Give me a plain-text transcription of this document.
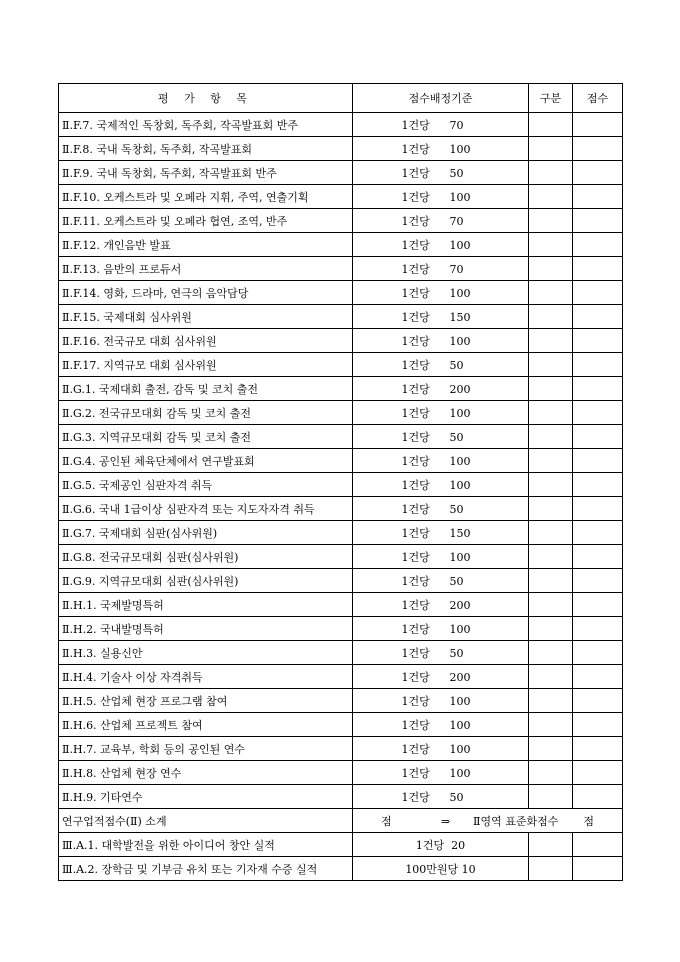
평 가 항 목	점수배정기준	구분	점수
Ⅱ.F.7. 국제적인 독창회, 독주회, 작곡발표회 반주	1건당 70		
Ⅱ.F.8. 국내 독창회, 독주회, 작곡발표회	1건당 100		
Ⅱ.F.9. 국내 독창회, 독주회, 작곡발표회 반주	1건당 50		
Ⅱ.F.10. 오케스트라 및 오페라 지휘, 주역, 연출기획	1건당 100		
Ⅱ.F.11. 오케스트라 및 오페라 협연, 조역, 반주	1건당 70		
Ⅱ.F.12. 개인음반 발표	1건당 100		
Ⅱ.F.13. 음반의 프로듀서	1건당 70		
Ⅱ.F.14. 영화, 드라마, 연극의 음악담당	1건당 100		
Ⅱ.F.15. 국제대회 심사위원	1건당 150		
Ⅱ.F.16. 전국규모 대회 심사위원	1건당 100		
Ⅱ.F.17. 지역규모 대회 심사위원	1건당 50		
Ⅱ.G.1. 국제대회 출전, 감독 및 코치 출전	1건당 200		
Ⅱ.G.2. 전국규모대회 감독 및 코치 출전	1건당 100		
Ⅱ.G.3. 지역규모대회 감독 및 코치 출전	1건당 50		
Ⅱ.G.4. 공인된 체육단체에서 연구발표회	1건당 100		
Ⅱ.G.5. 국제공인 심판자격 취득	1건당 100		
Ⅱ.G.6. 국내 1급이상 심판자격 또는 지도자자격 취득	1건당 50		
Ⅱ.G.7. 국제대회 심판(심사위원)	1건당 150		
Ⅱ.G.8. 전국규모대회 심판(심사위원)	1건당 100		
Ⅱ.G.9. 지역규모대회 심판(심사위원)	1건당 50		
Ⅱ.H.1. 국제발명특허	1건당 200		
Ⅱ.H.2. 국내발명특허	1건당 100		
Ⅱ.H.3. 실용신안	1건당 50		
Ⅱ.H.4. 기술사 이상 자격취득	1건당 200		
Ⅱ.H.5. 산업체 현장 프로그램 참여	1건당 100		
Ⅱ.H.6. 산업체 프로젝트 참여	1건당 100		
Ⅱ.H.7. 교육부, 학회 등의 공인된 연수	1건당 100		
Ⅱ.H.8. 산업체 현장 연수	1건당 100		
Ⅱ.H.9. 기타연수	1건당 50		
연구업적점수(Ⅱ) 소계	점 ⇒ Ⅱ영역 표준화점수 점		

Ⅲ.A.1. 대학발전을 위한 아이디어 창안 실적	1건당  20		
Ⅲ.A.2. 장학금 및 기부금 유치 또는 기자재 수증 실적	100만원당 10		
